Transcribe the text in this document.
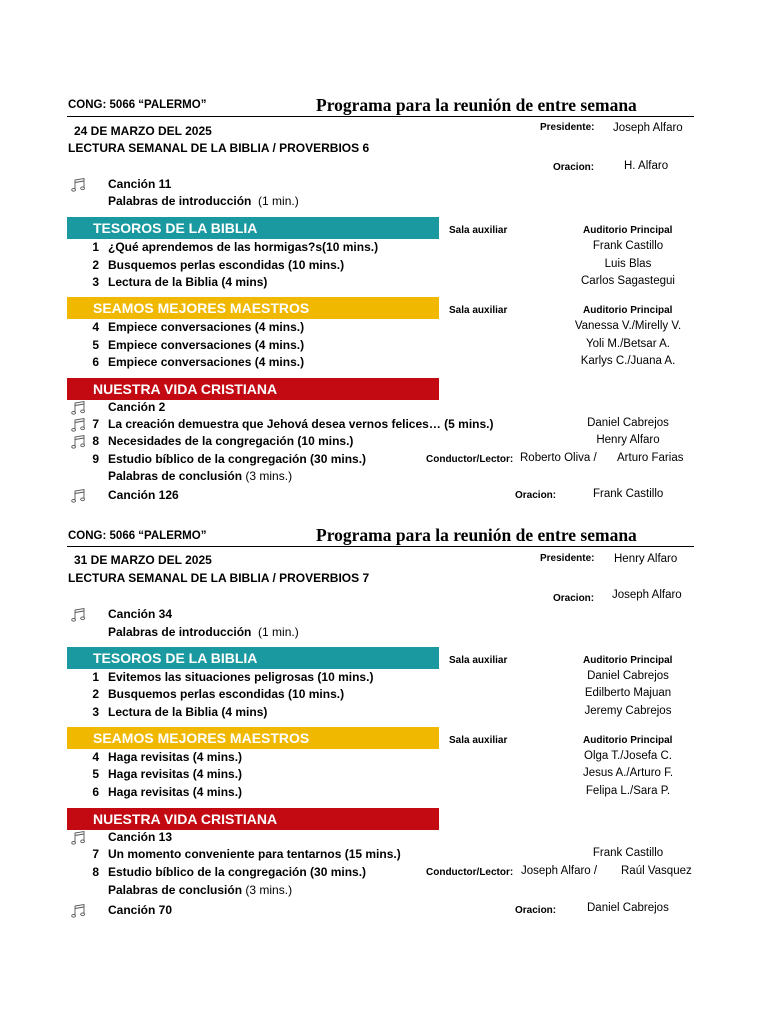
CONG: 5066 “PALERMO”	Programa para la reunión de entre semana
24 DE MARZO DEL 2025
LECTURA SEMANAL DE LA BIBLIA / PROVERBIOS 6
Presidente: Joseph Alfaro
Oracion:	H. Alfaro
Canción 11
Palabras de introducción (1 min.)
TESOROS DE LA BIBLIA	Sala auxiliar	Auditorio Principal
1 ¿Qué aprendemos de las hormigas?s(10 mins.)	Frank Castillo
2 Busquemos perlas escondidas (10 mins.)	Luis Blas
3 Lectura de la Biblia (4 mins)	Carlos Sagastegui
SEAMOS MEJORES MAESTROS	Sala auxiliar	Auditorio Principal
4 Empiece conversaciones (4 mins.)	Vanessa V./Mirelly V.
5 Empiece conversaciones (4 mins.)	Yoli M./Betsar A.
6 Empiece conversaciones (4 mins.)	Karlys C./Juana A.
NUESTRA VIDA CRISTIANA
Canción 2
7 La creación demuestra que Jehová desea vernos felices… (5 mins.)	Daniel Cabrejos
8 Necesidades de la congregación (10 mins.)	Henry Alfaro
9 Estudio bíblico de la congregación (30 mins.)	Conductor/Lector: Roberto Oliva / Arturo Farias
Palabras de conclusión (3 mins.)
Canción 126	Oracion:	Frank Castillo
CONG: 5066 “PALERMO”	Programa para la reunión de entre semana
31 DE MARZO DEL 2025
LECTURA SEMANAL DE LA BIBLIA / PROVERBIOS 7
Presidente: Henry Alfaro
Oracion: Joseph Alfaro
Canción 34
Palabras de introducción (1 min.)
TESOROS DE LA BIBLIA	Sala auxiliar	Auditorio Principal
1 Evitemos las situaciones peligrosas (10 mins.)	Daniel Cabrejos
2 Busquemos perlas escondidas (10 mins.)	Edilberto Majuan
3 Lectura de la Biblia (4 mins)	Jeremy Cabrejos
SEAMOS MEJORES MAESTROS	Sala auxiliar	Auditorio Principal
4 Haga revisitas (4 mins.)	Olga T./Josefa C.
5 Haga revisitas (4 mins.)	Jesus A./Arturo F.
6 Haga revisitas (4 mins.)	Felipa L./Sara P.
NUESTRA VIDA CRISTIANA
Canción 13
7 Un momento conveniente para tentarnos (15 mins.)	Frank Castillo
8 Estudio bíblico de la congregación (30 mins.)	Conductor/Lector: Joseph Alfaro / Raúl Vasquez
Palabras de conclusión (3 mins.)
Canción 70	Oracion:	Daniel Cabrejos
